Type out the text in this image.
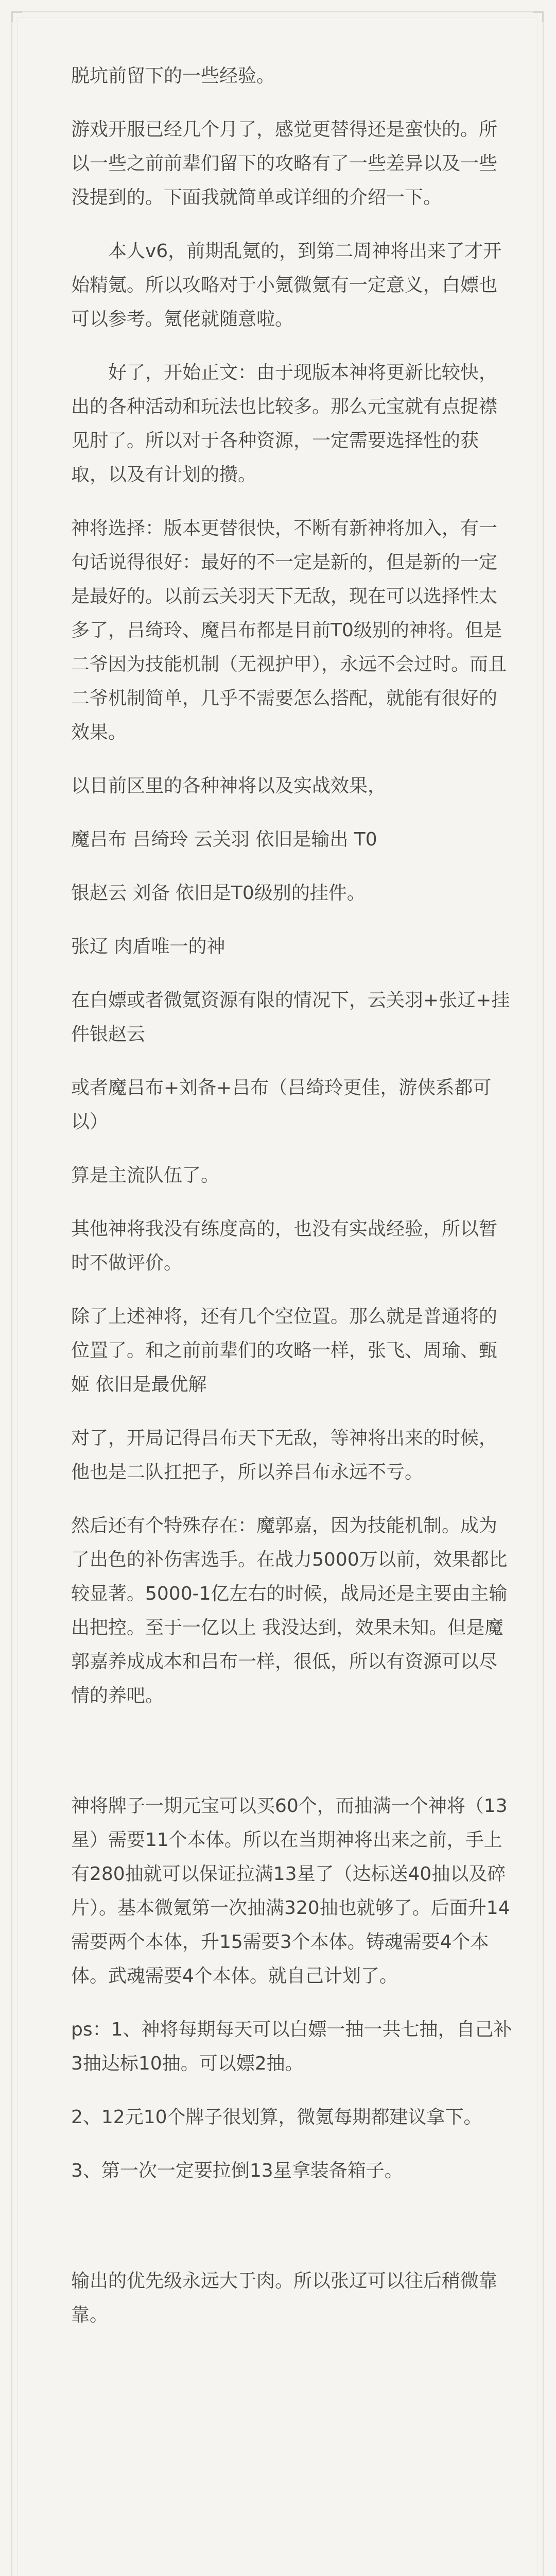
脱坑前留下的一些经验。

游戏开服已经几个月了，感觉更替得还是蛮快的。所以一些之前前辈们留下的攻略有了一些差异以及一些没提到的。下面我就简单或详细的介绍一下。

本人v6，前期乱氪的，到第二周神将出来了才开始精氪。所以攻略对于小氪微氪有一定意义，白嫖也可以参考。氪佬就随意啦。

好了，开始正文：由于现版本神将更新比较快，出的各种活动和玩法也比较多。那么元宝就有点捉襟见肘了。所以对于各种资源，一定需要选择性的获取，以及有计划的攒。

神将选择：版本更替很快，不断有新神将加入，有一句话说得很好：最好的不一定是新的，但是新的一定是最好的。以前云关羽天下无敌，现在可以选择性太多了，吕绮玲、魔吕布都是目前T0级别的神将。但是二爷因为技能机制（无视护甲），永远不会过时。而且二爷机制简单，几乎不需要怎么搭配，就能有很好的效果。

以目前区里的各种神将以及实战效果，

魔吕布 吕绮玲 云关羽 依旧是输出 T0

银赵云 刘备 依旧是T0级别的挂件。

张辽 肉盾唯一的神

在白嫖或者微氪资源有限的情况下，云关羽+张辽+挂件银赵云

或者魔吕布+刘备+吕布（吕绮玲更佳，游侠系都可以）

算是主流队伍了。

其他神将我没有练度高的，也没有实战经验，所以暂时不做评价。

除了上述神将，还有几个空位置。那么就是普通将的位置了。和之前前辈们的攻略一样，张飞、周瑜、甄姬 依旧是最优解

对了，开局记得吕布天下无敌，等神将出来的时候，他也是二队扛把子，所以养吕布永远不亏。

然后还有个特殊存在：魔郭嘉，因为技能机制。成为了出色的补伤害选手。在战力5000万以前，效果都比较显著。5000-1亿左右的时候，战局还是主要由主输出把控。至于一亿以上 我没达到，效果未知。但是魔郭嘉养成成本和吕布一样，很低，所以有资源可以尽情的养吧。

神将牌子一期元宝可以买60个，而抽满一个神将（13星）需要11个本体。所以在当期神将出来之前，手上有280抽就可以保证拉满13星了（达标送40抽以及碎片）。基本微氪第一次抽满320抽也就够了。后面升14需要两个本体，升15需要3个本体。铸魂需要4个本体。武魂需要4个本体。就自己计划了。

ps：1、神将每期每天可以白嫖一抽一共七抽，自己补3抽达标10抽。可以嫖2抽。

2、12元10个牌子很划算，微氪每期都建议拿下。

3、第一次一定要拉倒13星拿装备箱子。

输出的优先级永远大于肉。所以张辽可以往后稍微靠靠。
